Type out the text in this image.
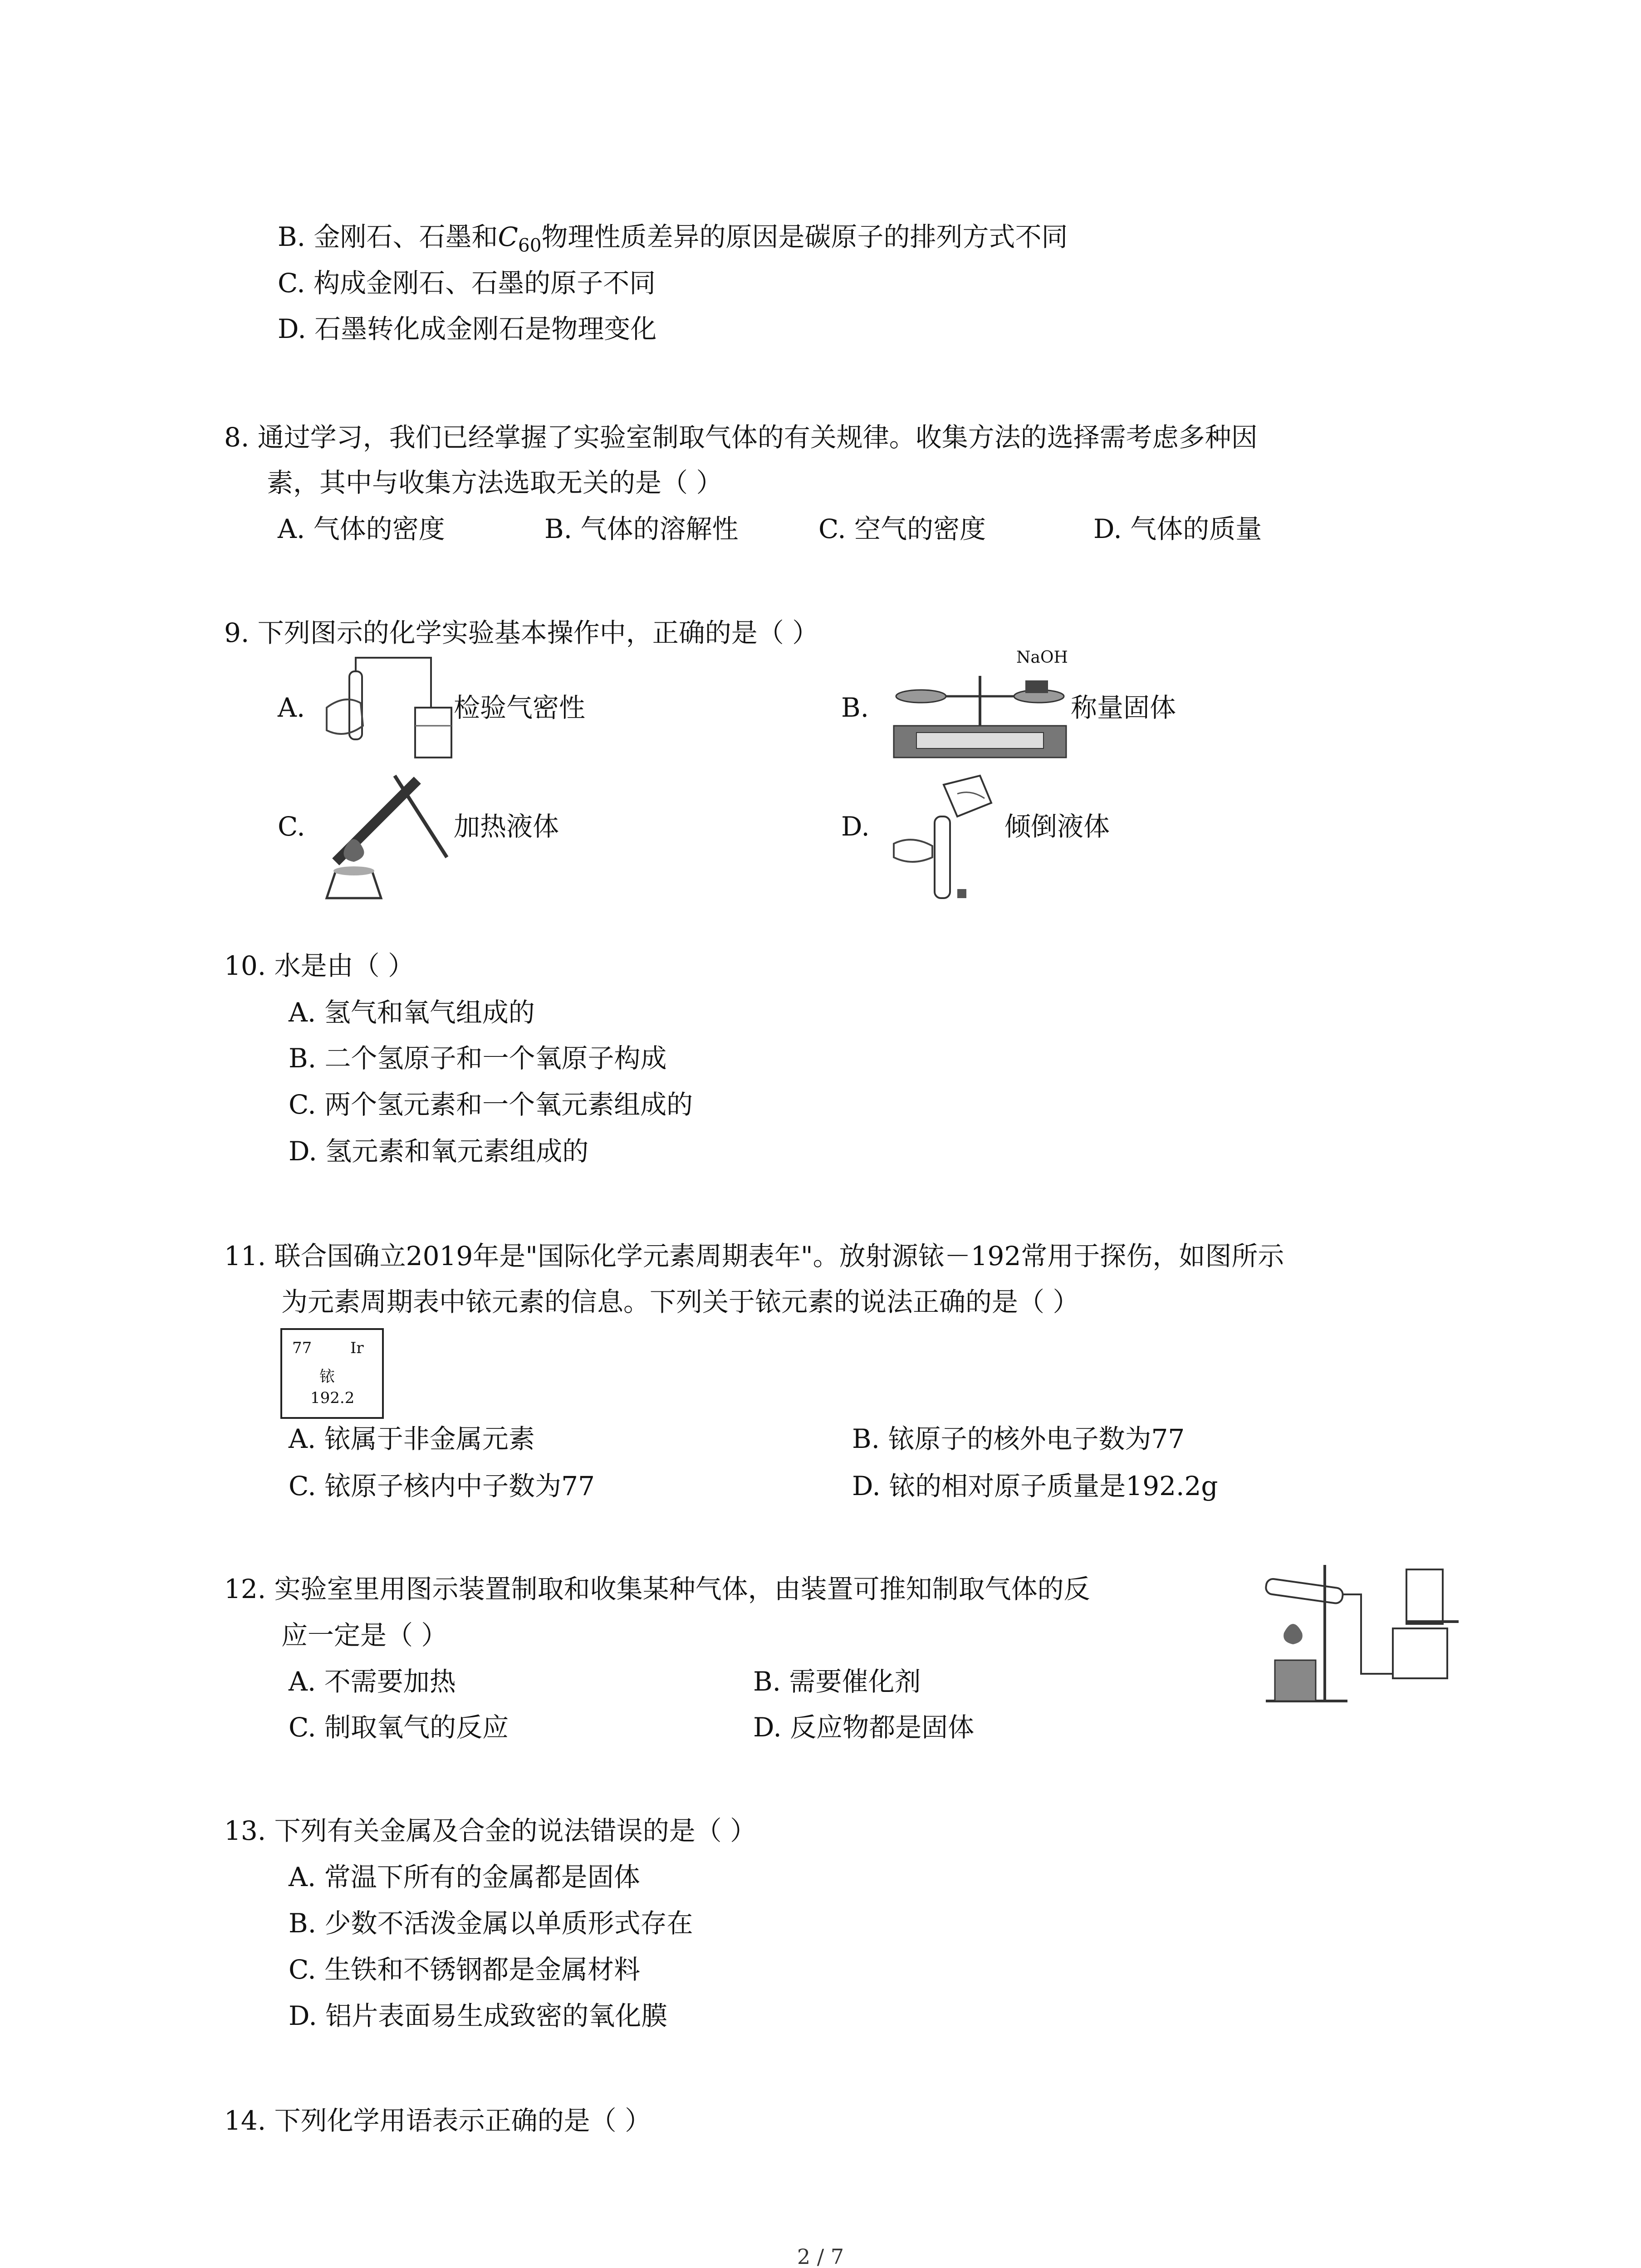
B. 金刚石、石墨和$C_{60}$物理性质差异的原因是碳原子的排列方式不同
C. 构成金刚石、石墨的原子不同
D. 石墨转化成金刚石是物理变化
8. 通过学习，我们已经掌握了实验室制取气体的有关规律。收集方法的选择需考虑多种因
素，其中与收集方法选取无关的是（ ）
A. 气体的密度	B. 气体的溶解性	C. 空气的密度	D. 气体的质量
9. 下列图示的化学实验基本操作中，正确的是（ ）
A.	检验气密性	B.
NaOH
称量固体
C.	加热液体	D.	倾倒液体
10. 水是由（ ）
A. 氢气和氧气组成的
B. 二个氢原子和一个氧原子构成
C. 两个氢元素和一个氧元素组成的
D. 氢元素和氧元素组成的
11. 联合国确立2019年是"国际化学元素周期表年"。放射源铱－192常用于探伤，如图所示
为元素周期表中铱元素的信息。下列关于铱元素的说法正确的是（ ）
77 Ir
铱
192.2
A. 铱属于非金属元素	B. 铱原子的核外电子数为77
C. 铱原子核内中子数为77	D. 铱的相对原子质量是192.2g
12. 实验室里用图示装置制取和收集某种气体，由装置可推知制取气体的反
应一定是（ ）
A. 不需要加热	B. 需要催化剂
C. 制取氧气的反应	D. 反应物都是固体
13. 下列有关金属及合金的说法错误的是（ ）
A. 常温下所有的金属都是固体
B. 少数不活泼金属以单质形式存在
C. 生铁和不锈钢都是金属材料
D. 铝片表面易生成致密的氧化膜
14. 下列化学用语表示正确的是（ ）
2 / 7
